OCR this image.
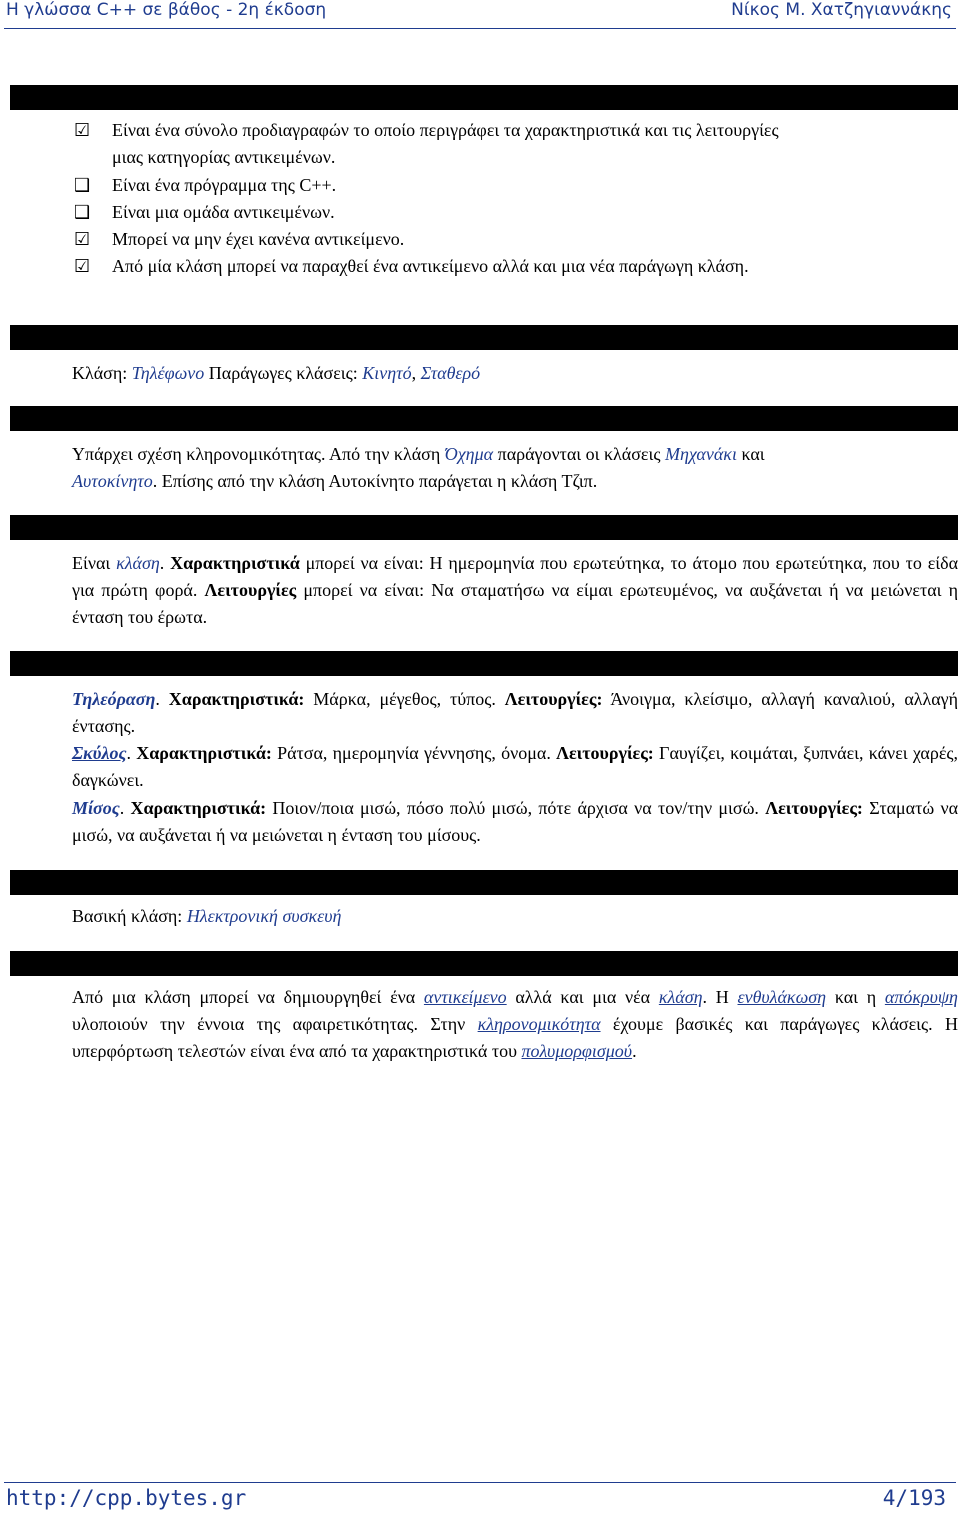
Η γλώσσα C++ σε βάθος - 2η έκδοση	Νίκος Μ. Χατζηγιαννάκης
1.7
☑ Είναι ένα σύνολο προδιαγραφών το οποίο περιγράφει τα χαρακτηριστικά και τις λειτουργίες
μιας κατηγορίας αντικειμένων.
❑ Είναι ένα πρόγραμμα της C++.
❑ Είναι μια ομάδα αντικειμένων.
☑ Μπορεί να μην έχει κανένα αντικείμενο.
☑ Από μία κλάση μπορεί να παραχθεί ένα αντικείμενο αλλά και μια νέα παράγωγη κλάση.
1.8
Κλάση: Τηλέφωνο Παράγωγες κλάσεις: Κινητό, Σταθερό
1.9
Υπάρχει σχέση κληρονομικότητας. Από την κλάση Όχημα παράγονται οι κλάσεις Μηχανάκι και
Αυτοκίνητο. Επίσης από την κλάση Αυτοκίνητο παράγεται η κλάση Τζιπ.
1.10
Είναι κλάση. Χαρακτηριστικά μπορεί να είναι: Η ημερομηνία που ερωτεύτηκα, το άτομο που ερωτεύτηκα, που το είδα για πρώτη φορά. Λειτουργίες μπορεί να είναι: Να σταματήσω να είμαι ερωτευμένος, να αυξάνεται ή να μειώνεται η ένταση του έρωτα.
1.11
Τηλεόραση. Χαρακτηριστικά: Μάρκα, μέγεθος, τύπος. Λειτουργίες: Άνοιγμα, κλείσιμο, αλλαγή καναλιού, αλλαγή έντασης.
Σκύλος. Χαρακτηριστικά: Ράτσα, ημερομηνία γέννησης, όνομα. Λειτουργίες: Γαυγίζει, κοιμάται, ξυπνάει, κάνει χαρές, δαγκώνει.
Μίσος. Χαρακτηριστικά: Ποιον/ποια μισώ, πόσο πολύ μισώ, πότε άρχισα να τον/την μισώ. Λειτουργίες: Σταματώ να μισώ, να αυξάνεται ή να μειώνεται η ένταση του μίσους.
1.12
Βασική κλάση: Ηλεκτρονική συσκευή
1.13
Από μια κλάση μπορεί να δημιουργηθεί ένα αντικείμενο αλλά και μια νέα κλάση. Η ενθυλάκωση και η απόκρυψη υλοποιούν την έννοια της αφαιρετικότητας. Στην κληρονομικότητα έχουμε βασικές και παράγωγες κλάσεις. Η υπερφόρτωση τελεστών είναι ένα από τα χαρακτηριστικά του πολυμορφισμού.
http://cpp.bytes.gr	4/193
